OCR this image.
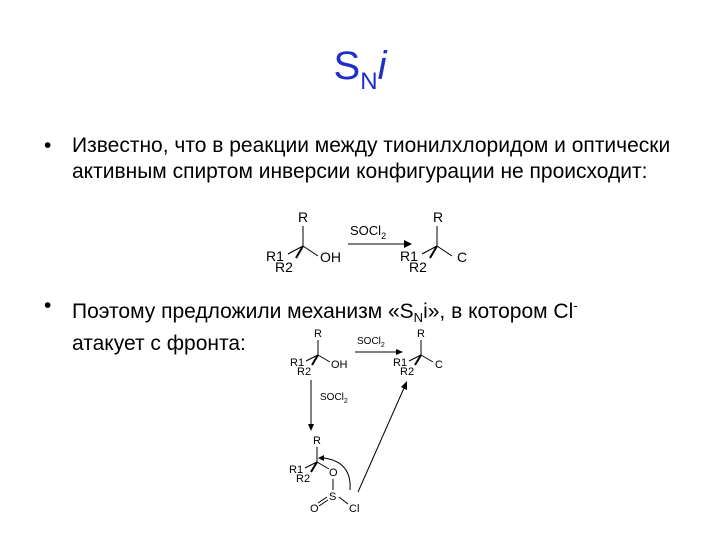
$S_Ni$
• Известно, что в реакции между тионилхлоридом и оптически активным спиртом инверсии конфигурации не происходит:
• Поэтому предложили механизм «SNi», в котором Cl-
атакует с фронта:
R
OH
R1
R2
SOCl$_2$
R
C
R1
R2
R
OH
R1
R2
SOCl$_2$
R
C
R1
R2
SOCl$_2$
R
R1
R2 O
S
O	Cl
